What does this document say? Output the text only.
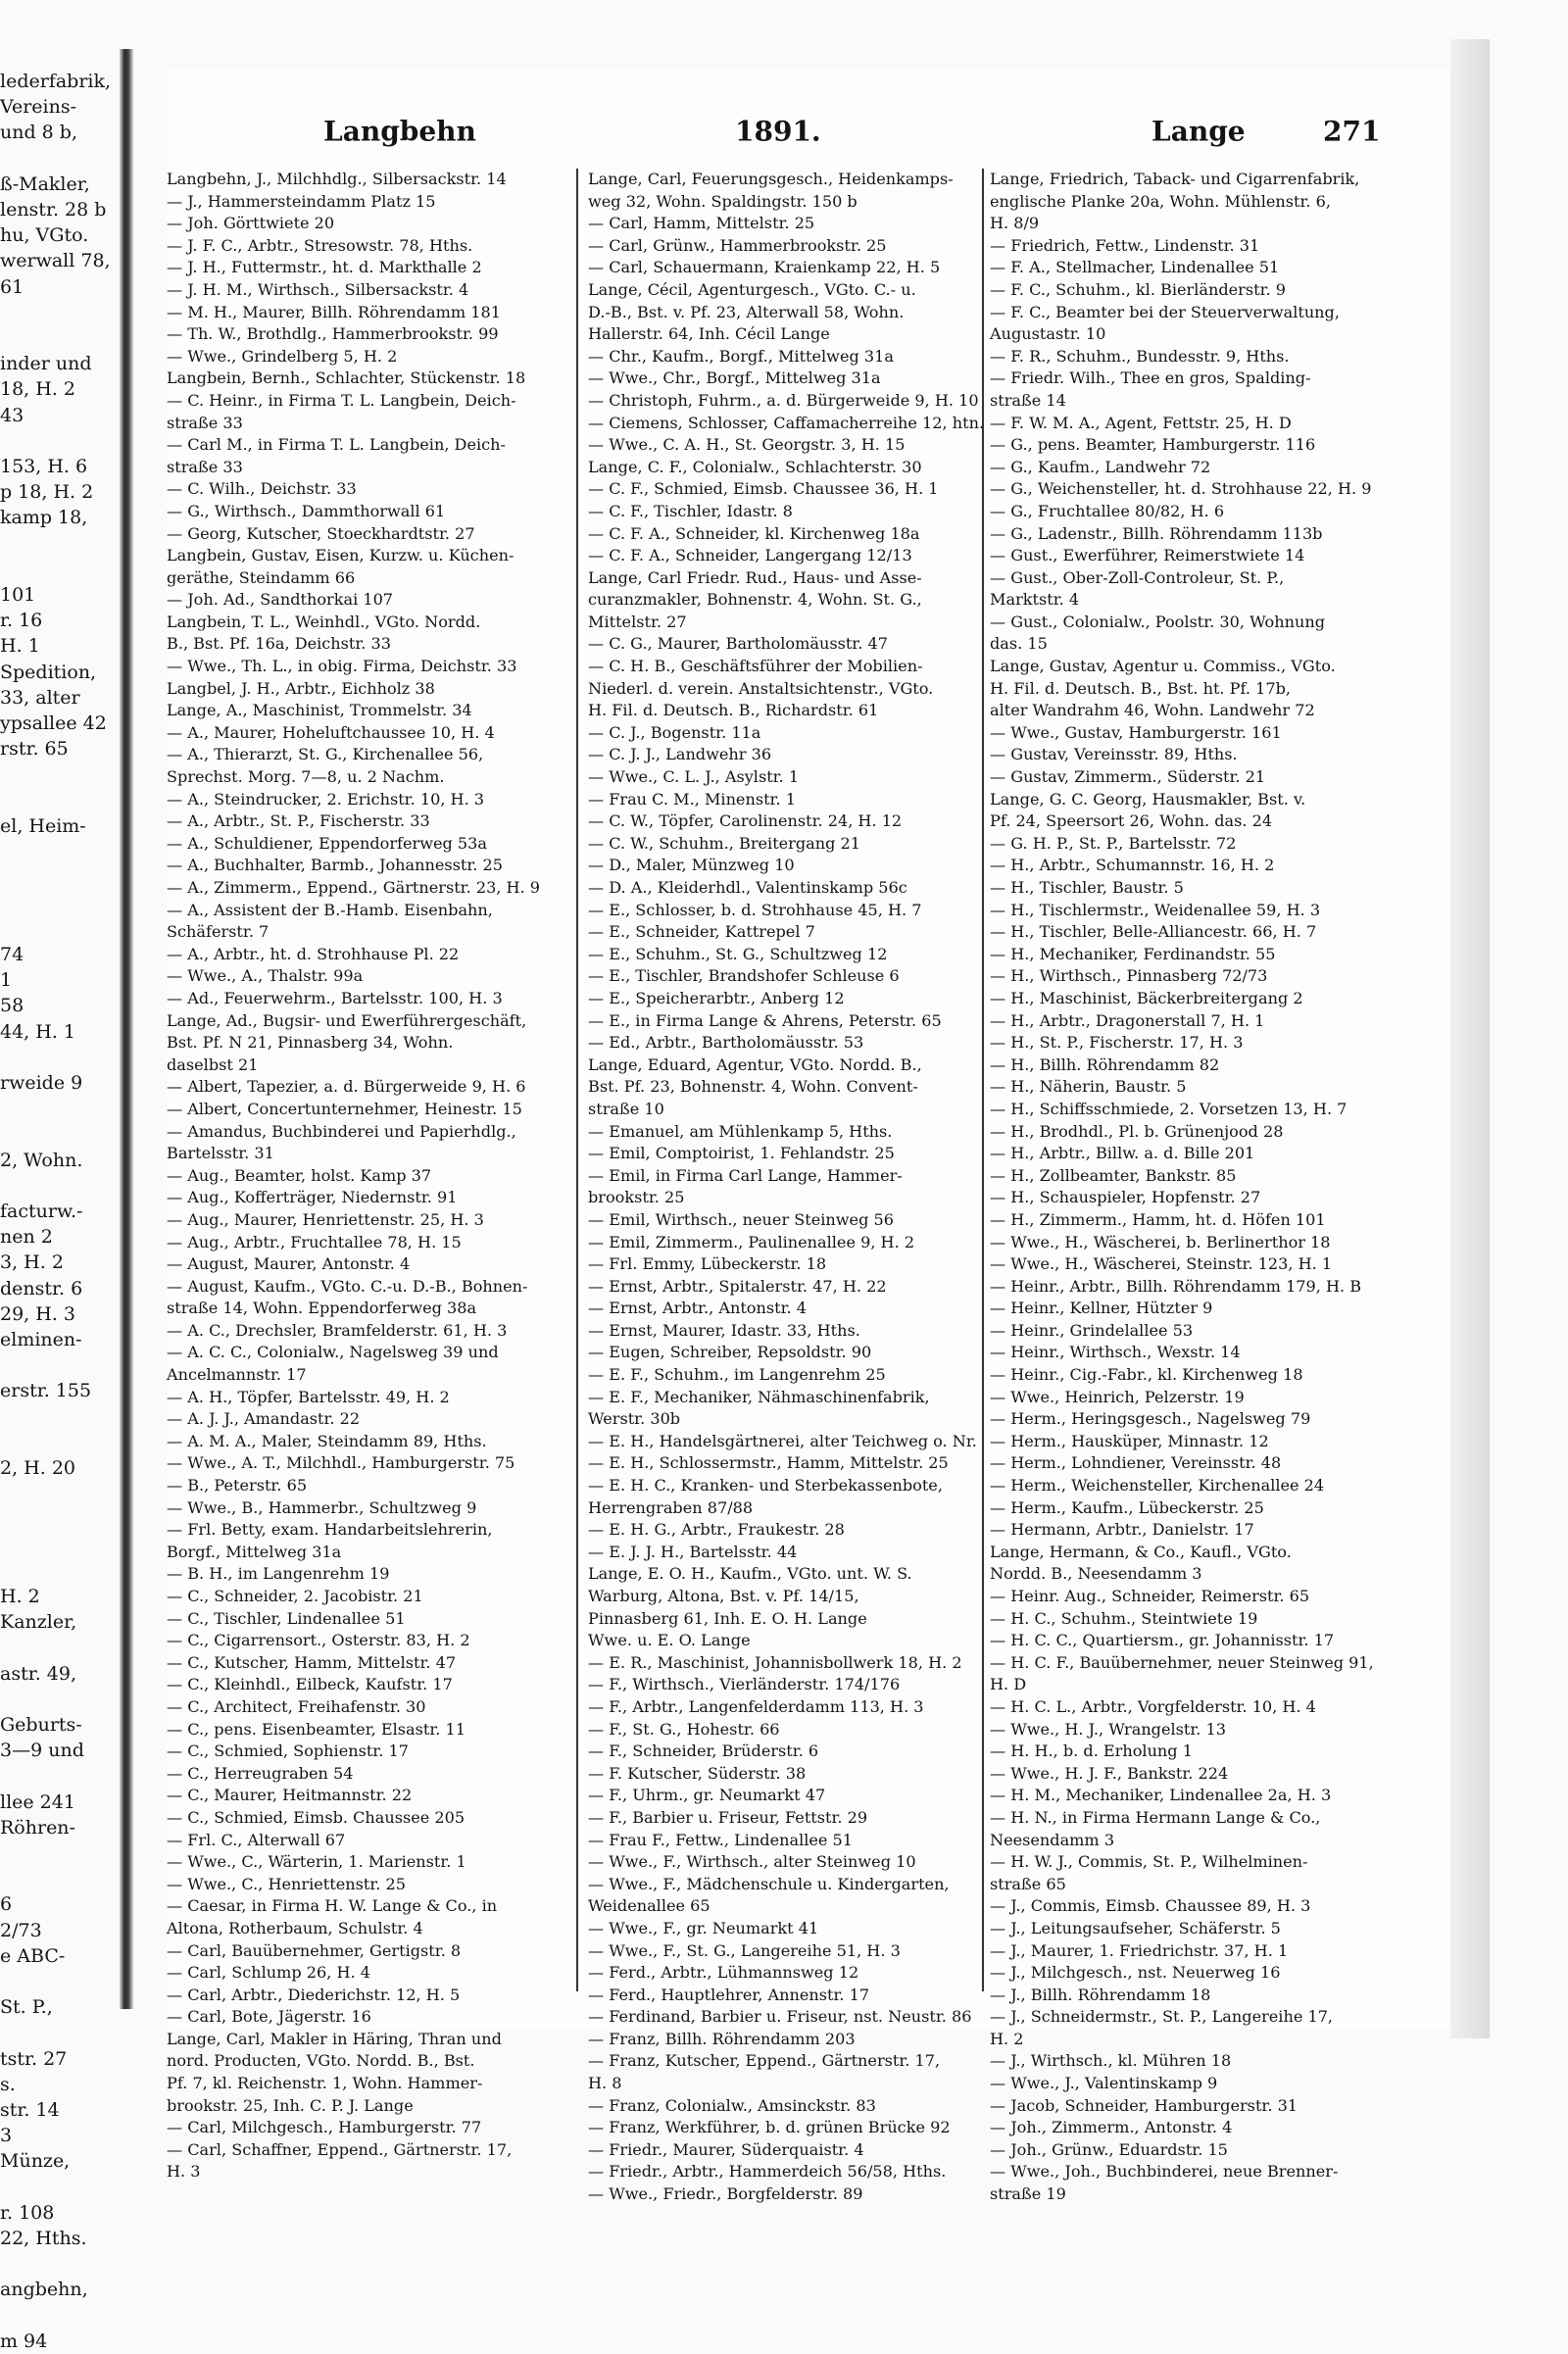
lederfabrik,
Vereins-
und 8 b,

ß-Makler,
lenstr. 28 b
hu, VGto.
werwall 78,
61

inder und
18, H. 2
43

153, H. 6
p 18, H. 2
kamp 18,

101
r. 16
H. 1
Spedition,
33, alter
ypsallee 42
rstr. 65

el, Heim-

74
1
58
44, H. 1

rweide 9

2, Wohn.

facturw.-
nen 2
3, H. 2
denstr. 6
29, H. 3
elminen-

erstr. 155

2, H. 20

H. 2
Kanzler,

astr. 49,

Geburts-
3—9 und

llee 241
Röhren-

6
2/73
e ABC-

St. P.,

tstr. 27
s.
str. 14
3
Münze,

r. 108
22, Hths.

angbehn,

m 94
Langbehn	1891.	Lange	271
Langbehn, J., Milchhdlg., Silbersackstr. 14
— J., Hammersteindamm Platz 15
— Joh. Görttwiete 20
— J. F. C., Arbtr., Stresowstr. 78, Hths.
— J. H., Futtermstr., ht. d. Markthalle 2
— J. H. M., Wirthsch., Silbersackstr. 4
— M. H., Maurer, Billh. Röhrendamm 181
— Th. W., Brothdlg., Hammerbrookstr. 99
— Wwe., Grindelberg 5, H. 2
Langbein, Bernh., Schlachter, Stückenstr. 18
— C. Heinr., in Firma T. L. Langbein, Deich-
straße 33
— Carl M., in Firma T. L. Langbein, Deich-
straße 33
— C. Wilh., Deichstr. 33
— G., Wirthsch., Dammthorwall 61
— Georg, Kutscher, Stoeckhardtstr. 27
Langbein, Gustav, Eisen, Kurzw. u. Küchen-
geräthe, Steindamm 66
— Joh. Ad., Sandthorkai 107
Langbein, T. L., Weinhdl., VGto. Nordd.
B., Bst. Pf. 16a, Deichstr. 33
— Wwe., Th. L., in obig. Firma, Deichstr. 33
Langbel, J. H., Arbtr., Eichholz 38
Lange, A., Maschinist, Trommelstr. 34
— A., Maurer, Hoheluftchaussee 10, H. 4
— A., Thierarzt, St. G., Kirchenallee 56,
Sprechst. Morg. 7—8, u. 2 Nachm.
— A., Steindrucker, 2. Erichstr. 10, H. 3
— A., Arbtr., St. P., Fischerstr. 33
— A., Schuldiener, Eppendorferweg 53a
— A., Buchhalter, Barmb., Johannesstr. 25
— A., Zimmerm., Eppend., Gärtnerstr. 23, H. 9
— A., Assistent der B.-Hamb. Eisenbahn,
Schäferstr. 7
— A., Arbtr., ht. d. Strohhause Pl. 22
— Wwe., A., Thalstr. 99a
— Ad., Feuerwehrm., Bartelsstr. 100, H. 3
Lange, Ad., Bugsir- und Ewerführergeschäft,
Bst. Pf. N 21, Pinnasberg 34, Wohn.
daselbst 21
— Albert, Tapezier, a. d. Bürgerweide 9, H. 6
— Albert, Concertunternehmer, Heinestr. 15
— Amandus, Buchbinderei und Papierhdlg.,
Bartelsstr. 31
— Aug., Beamter, holst. Kamp 37
— Aug., Kofferträger, Niedernstr. 91
— Aug., Maurer, Henriettenstr. 25, H. 3
— Aug., Arbtr., Fruchtallee 78, H. 15
— August, Maurer, Antonstr. 4
— August, Kaufm., VGto. C.-u. D.-B., Bohnen-
straße 14, Wohn. Eppendorferweg 38a
— A. C., Drechsler, Bramfelderstr. 61, H. 3
— A. C. C., Colonialw., Nagelsweg 39 und
Ancelmannstr. 17
— A. H., Töpfer, Bartelsstr. 49, H. 2
— A. J. J., Amandastr. 22
— A. M. A., Maler, Steindamm 89, Hths.
— Wwe., A. T., Milchhdl., Hamburgerstr. 75
— B., Peterstr. 65
— Wwe., B., Hammerbr., Schultzweg 9
— Frl. Betty, exam. Handarbeitslehrerin,
Borgf., Mittelweg 31a
— B. H., im Langenrehm 19
— C., Schneider, 2. Jacobistr. 21
— C., Tischler, Lindenallee 51
— C., Cigarrensort., Osterstr. 83, H. 2
— C., Kutscher, Hamm, Mittelstr. 47
— C., Kleinhdl., Eilbeck, Kaufstr. 17
— C., Architect, Freihafenstr. 30
— C., pens. Eisenbeamter, Elsastr. 11
— C., Schmied, Sophienstr. 17
— C., Herreugraben 54
— C., Maurer, Heitmannstr. 22
— C., Schmied, Eimsb. Chaussee 205
— Frl. C., Alterwall 67
— Wwe., C., Wärterin, 1. Marienstr. 1
— Wwe., C., Henriettenstr. 25
— Caesar, in Firma H. W. Lange & Co., in
Altona, Rotherbaum, Schulstr. 4
— Carl, Bauübernehmer, Gertigstr. 8
— Carl, Schlump 26, H. 4
— Carl, Arbtr., Diederichstr. 12, H. 5
— Carl, Bote, Jägerstr. 16
Lange, Carl, Makler in Häring, Thran und
nord. Producten, VGto. Nordd. B., Bst.
Pf. 7, kl. Reichenstr. 1, Wohn. Hammer-
brookstr. 25, Inh. C. P. J. Lange
— Carl, Milchgesch., Hamburgerstr. 77
— Carl, Schaffner, Eppend., Gärtnerstr. 17,
H. 3
Lange, Carl, Feuerungsgesch., Heidenkamps-
weg 32, Wohn. Spaldingstr. 150 b
— Carl, Hamm, Mittelstr. 25
— Carl, Grünw., Hammerbrookstr. 25
— Carl, Schauermann, Kraienkamp 22, H. 5
Lange, Cécil, Agenturgesch., VGto. C.- u.
D.-B., Bst. v. Pf. 23, Alterwall 58, Wohn.
Hallerstr. 64, Inh. Cécil Lange
— Chr., Kaufm., Borgf., Mittelweg 31a
— Wwe., Chr., Borgf., Mittelweg 31a
— Christoph, Fuhrm., a. d. Bürgerweide 9, H. 10
— Ciemens, Schlosser, Caffamacherreihe 12, htn.
— Wwe., C. A. H., St. Georgstr. 3, H. 15
Lange, C. F., Colonialw., Schlachterstr. 30
— C. F., Schmied, Eimsb. Chaussee 36, H. 1
— C. F., Tischler, Idastr. 8
— C. F. A., Schneider, kl. Kirchenweg 18a
— C. F. A., Schneider, Langergang 12/13
Lange, Carl Friedr. Rud., Haus- und Asse-
curanzmakler, Bohnenstr. 4, Wohn. St. G.,
Mittelstr. 27
— C. G., Maurer, Bartholomäusstr. 47
— C. H. B., Geschäftsführer der Mobilien-
Niederl. d. verein. Anstaltsichtenstr., VGto.
H. Fil. d. Deutsch. B., Richardstr. 61
— C. J., Bogenstr. 11a
— C. J. J., Landwehr 36
— Wwe., C. L. J., Asylstr. 1
— Frau C. M., Minenstr. 1
— C. W., Töpfer, Carolinenstr. 24, H. 12
— C. W., Schuhm., Breitergang 21
— D., Maler, Münzweg 10
— D. A., Kleiderhdl., Valentinskamp 56c
— E., Schlosser, b. d. Strohhause 45, H. 7
— E., Schneider, Kattrepel 7
— E., Schuhm., St. G., Schultzweg 12
— E., Tischler, Brandshofer Schleuse 6
— E., Speicherarbtr., Anberg 12
— E., in Firma Lange & Ahrens, Peterstr. 65
— Ed., Arbtr., Bartholomäusstr. 53
Lange, Eduard, Agentur, VGto. Nordd. B.,
Bst. Pf. 23, Bohnenstr. 4, Wohn. Convent-
straße 10
— Emanuel, am Mühlenkamp 5, Hths.
— Emil, Comptoirist, 1. Fehlandstr. 25
— Emil, in Firma Carl Lange, Hammer-
brookstr. 25
— Emil, Wirthsch., neuer Steinweg 56
— Emil, Zimmerm., Paulinenallee 9, H. 2
— Frl. Emmy, Lübeckerstr. 18
— Ernst, Arbtr., Spitalerstr. 47, H. 22
— Ernst, Arbtr., Antonstr. 4
— Ernst, Maurer, Idastr. 33, Hths.
— Eugen, Schreiber, Repsoldstr. 90
— E. F., Schuhm., im Langenrehm 25
— E. F., Mechaniker, Nähmaschinenfabrik,
Werstr. 30b
— E. H., Handelsgärtnerei, alter Teichweg o. Nr.
— E. H., Schlossermstr., Hamm, Mittelstr. 25
— E. H. C., Kranken- und Sterbekassenbote,
Herrengraben 87/88
— E. H. G., Arbtr., Fraukestr. 28
— E. J. J. H., Bartelsstr. 44
Lange, E. O. H., Kaufm., VGto. unt. W. S.
Warburg, Altona, Bst. v. Pf. 14/15,
Pinnasberg 61, Inh. E. O. H. Lange
Wwe. u. E. O. Lange
— E. R., Maschinist, Johannisbollwerk 18, H. 2
— F., Wirthsch., Vierländerstr. 174/176
— F., Arbtr., Langenfelderdamm 113, H. 3
— F., St. G., Hohestr. 66
— F., Schneider, Brüderstr. 6
— F. Kutscher, Süderstr. 38
— F., Uhrm., gr. Neumarkt 47
— F., Barbier u. Friseur, Fettstr. 29
— Frau F., Fettw., Lindenallee 51
— Wwe., F., Wirthsch., alter Steinweg 10
— Wwe., F., Mädchenschule u. Kindergarten,
Weidenallee 65
— Wwe., F., gr. Neumarkt 41
— Wwe., F., St. G., Langereihe 51, H. 3
— Ferd., Arbtr., Lühmannsweg 12
— Ferd., Hauptlehrer, Annenstr. 17
— Ferdinand, Barbier u. Friseur, nst. Neustr. 86
— Franz, Billh. Röhrendamm 203
— Franz, Kutscher, Eppend., Gärtnerstr. 17,
H. 8
— Franz, Colonialw., Amsinckstr. 83
— Franz, Werkführer, b. d. grünen Brücke 92
— Friedr., Maurer, Süderquaistr. 4
— Friedr., Arbtr., Hammerdeich 56/58, Hths.
— Wwe., Friedr., Borgfelderstr. 89
Lange, Friedrich, Taback- und Cigarrenfabrik,
englische Planke 20a, Wohn. Mühlenstr. 6,
H. 8/9
— Friedrich, Fettw., Lindenstr. 31
— F. A., Stellmacher, Lindenallee 51
— F. C., Schuhm., kl. Bierländerstr. 9
— F. C., Beamter bei der Steuerverwaltung,
Augustastr. 10
— F. R., Schuhm., Bundesstr. 9, Hths.
— Friedr. Wilh., Thee en gros, Spalding-
straße 14
— F. W. M. A., Agent, Fettstr. 25, H. D
— G., pens. Beamter, Hamburgerstr. 116
— G., Kaufm., Landwehr 72
— G., Weichensteller, ht. d. Strohhause 22, H. 9
— G., Fruchtallee 80/82, H. 6
— G., Ladenstr., Billh. Röhrendamm 113b
— Gust., Ewerführer, Reimerstwiete 14
— Gust., Ober-Zoll-Controleur, St. P.,
Marktstr. 4
— Gust., Colonialw., Poolstr. 30, Wohnung
das. 15
Lange, Gustav, Agentur u. Commiss., VGto.
H. Fil. d. Deutsch. B., Bst. ht. Pf. 17b,
alter Wandrahm 46, Wohn. Landwehr 72
— Wwe., Gustav, Hamburgerstr. 161
— Gustav, Vereinsstr. 89, Hths.
— Gustav, Zimmerm., Süderstr. 21
Lange, G. C. Georg, Hausmakler, Bst. v.
Pf. 24, Speersort 26, Wohn. das. 24
— G. H. P., St. P., Bartelsstr. 72
— H., Arbtr., Schumannstr. 16, H. 2
— H., Tischler, Baustr. 5
— H., Tischlermstr., Weidenallee 59, H. 3
— H., Tischler, Belle-Alliancestr. 66, H. 7
— H., Mechaniker, Ferdinandstr. 55
— H., Wirthsch., Pinnasberg 72/73
— H., Maschinist, Bäckerbreitergang 2
— H., Arbtr., Dragonerstall 7, H. 1
— H., St. P., Fischerstr. 17, H. 3
— H., Billh. Röhrendamm 82
— H., Näherin, Baustr. 5
— H., Schiffsschmiede, 2. Vorsetzen 13, H. 7
— H., Brodhdl., Pl. b. Grünenjood 28
— H., Arbtr., Billw. a. d. Bille 201
— H., Zollbeamter, Bankstr. 85
— H., Schauspieler, Hopfenstr. 27
— H., Zimmerm., Hamm, ht. d. Höfen 101
— Wwe., H., Wäscherei, b. Berlinerthor 18
— Wwe., H., Wäscherei, Steinstr. 123, H. 1
— Heinr., Arbtr., Billh. Röhrendamm 179, H. B
— Heinr., Kellner, Hützter 9
— Heinr., Grindelallee 53
— Heinr., Wirthsch., Wexstr. 14
— Heinr., Cig.-Fabr., kl. Kirchenweg 18
— Wwe., Heinrich, Pelzerstr. 19
— Herm., Heringsgesch., Nagelsweg 79
— Herm., Hausküper, Minnastr. 12
— Herm., Lohndiener, Vereinsstr. 48
— Herm., Weichensteller, Kirchenallee 24
— Herm., Kaufm., Lübeckerstr. 25
— Hermann, Arbtr., Danielstr. 17
Lange, Hermann, & Co., Kaufl., VGto.
Nordd. B., Neesendamm 3
— Heinr. Aug., Schneider, Reimerstr. 65
— H. C., Schuhm., Steintwiete 19
— H. C. C., Quartiersm., gr. Johannisstr. 17
— H. C. F., Bauübernehmer, neuer Steinweg 91,
H. D
— H. C. L., Arbtr., Vorgfelderstr. 10, H. 4
— Wwe., H. J., Wrangelstr. 13
— H. H., b. d. Erholung 1
— Wwe., H. J. F., Bankstr. 224
— H. M., Mechaniker, Lindenallee 2a, H. 3
— H. N., in Firma Hermann Lange & Co.,
Neesendamm 3
— H. W. J., Commis, St. P., Wilhelminen-
straße 65
— J., Commis, Eimsb. Chaussee 89, H. 3
— J., Leitungsaufseher, Schäferstr. 5
— J., Maurer, 1. Friedrichstr. 37, H. 1
— J., Milchgesch., nst. Neuerweg 16
— J., Billh. Röhrendamm 18
— J., Schneidermstr., St. P., Langereihe 17,
H. 2
— J., Wirthsch., kl. Mühren 18
— Wwe., J., Valentinskamp 9
— Jacob, Schneider, Hamburgerstr. 31
— Joh., Zimmerm., Antonstr. 4
— Joh., Grünw., Eduardstr. 15
— Wwe., Joh., Buchbinderei, neue Brenner-
straße 19
